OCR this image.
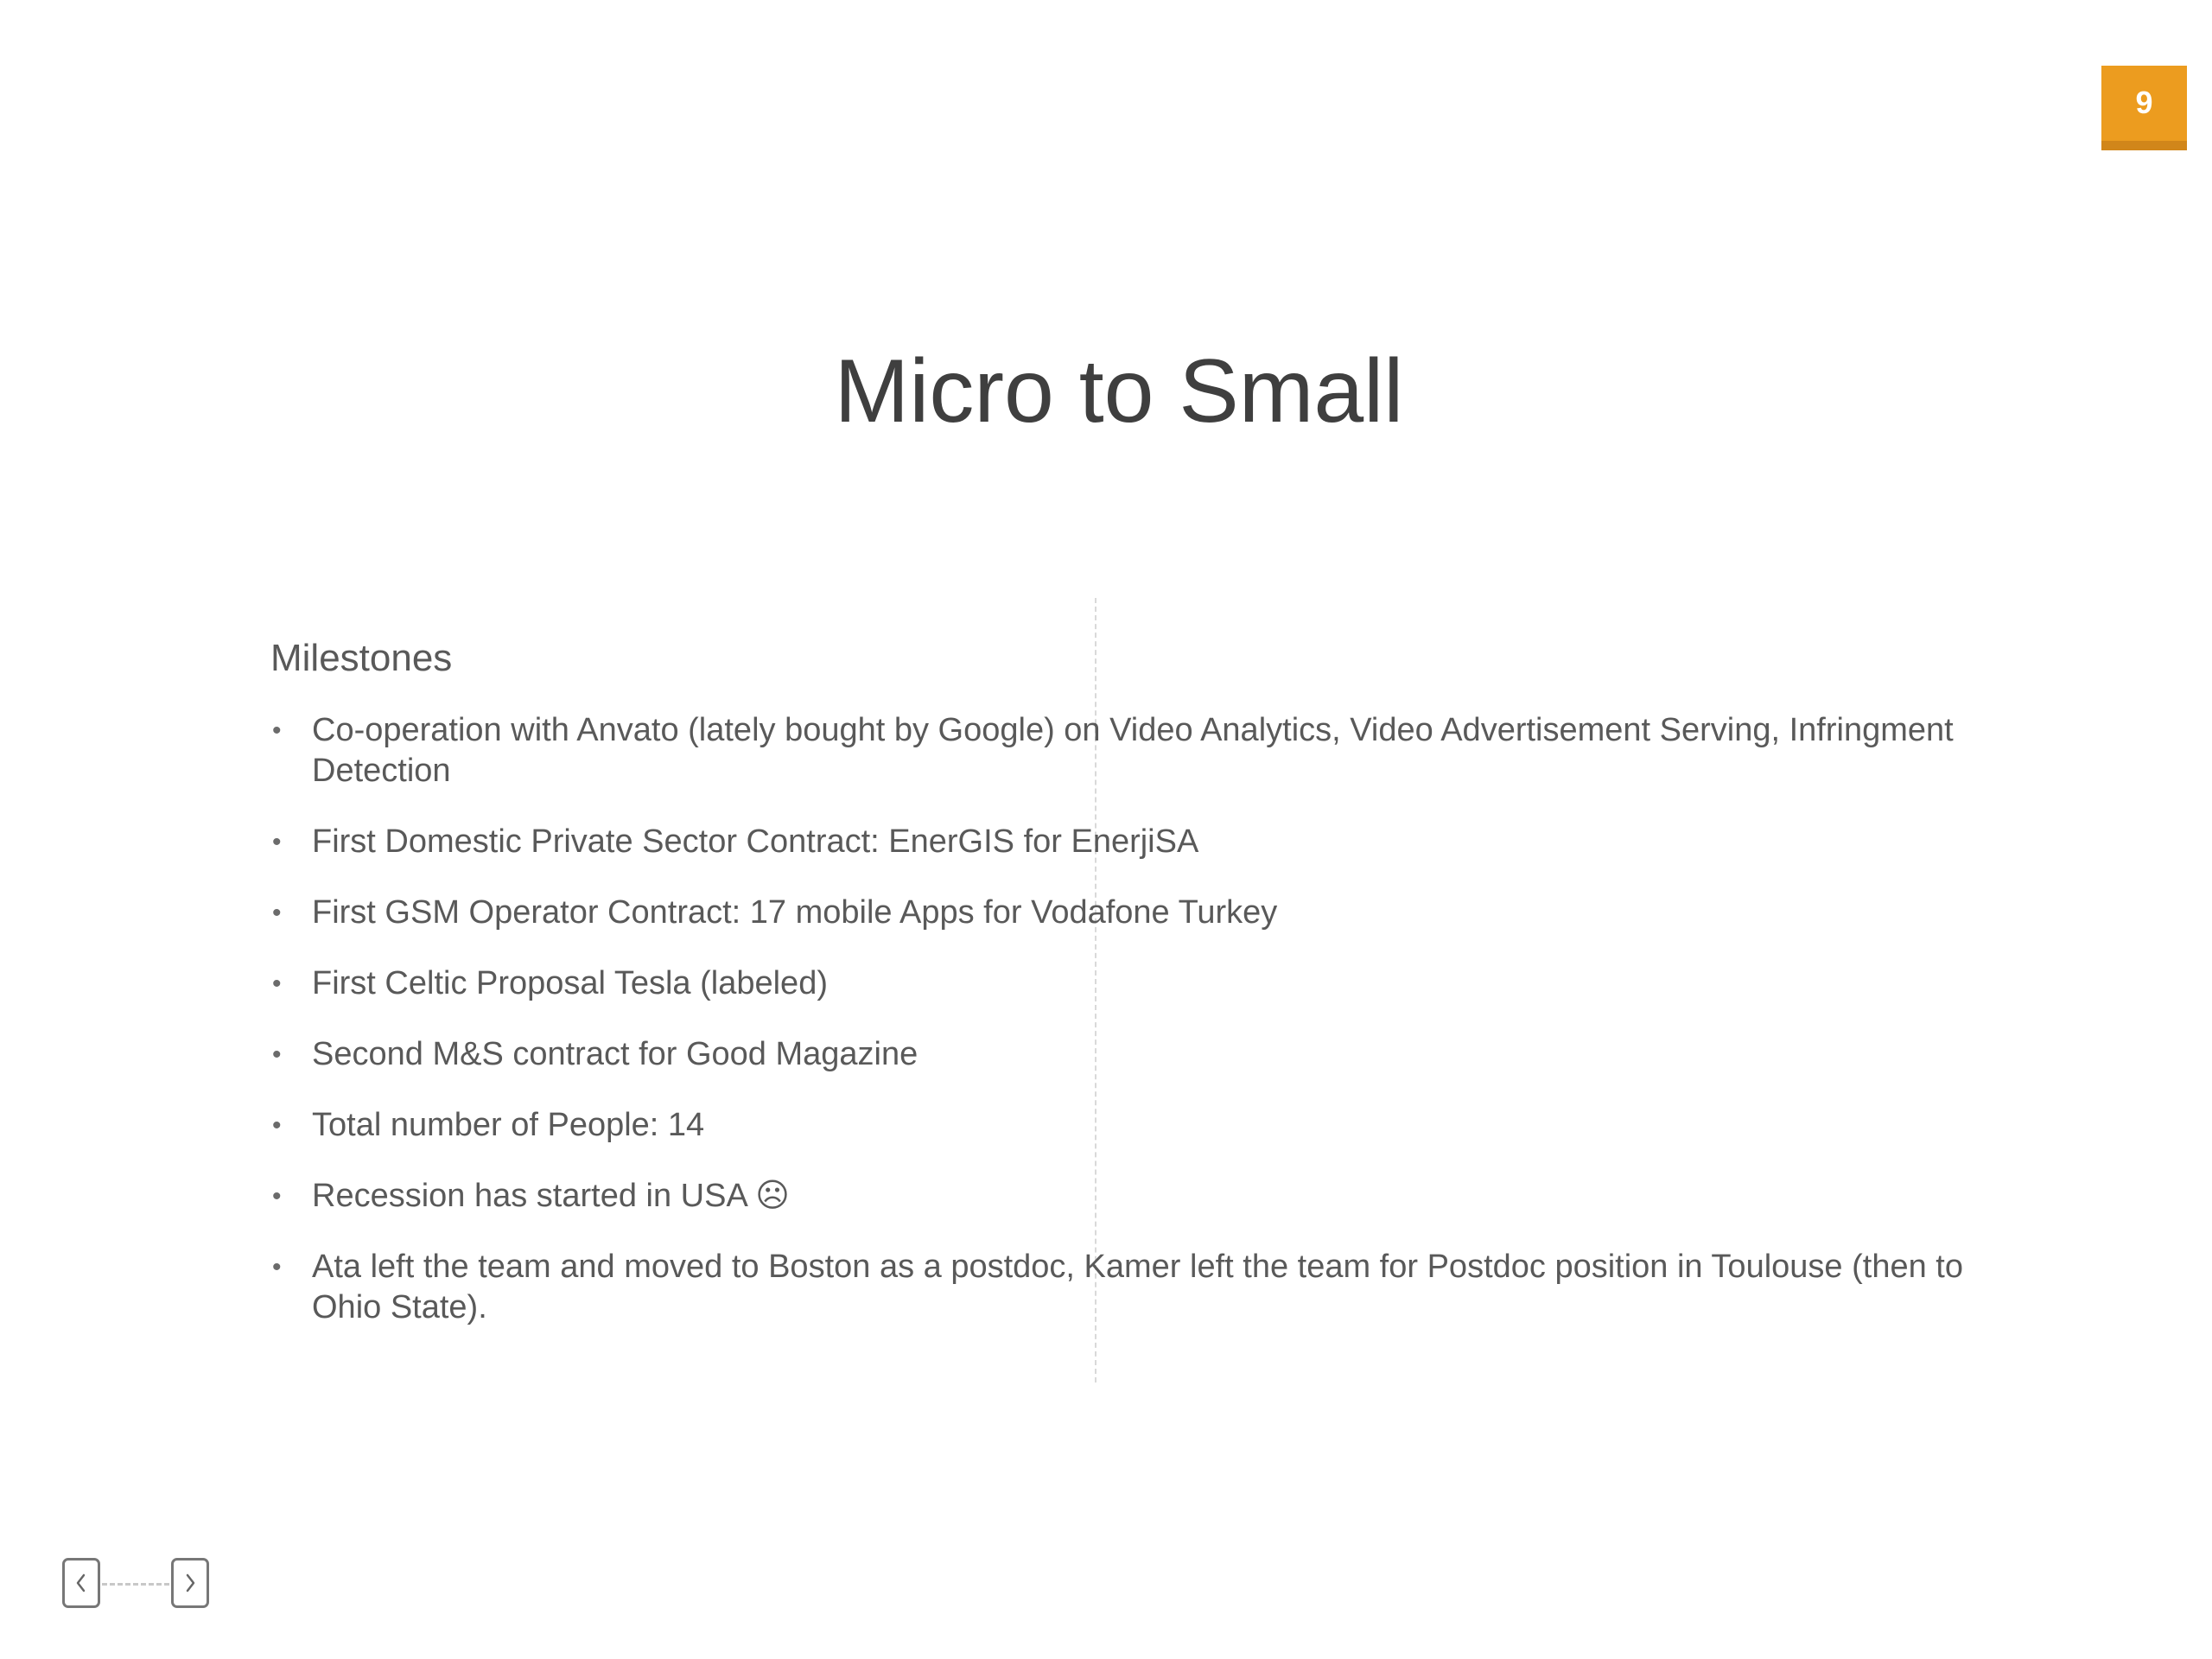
9
Micro to Small
Milestones
• Co-operation with Anvato (lately bought by Google) on Video Analytics, Video Advertisement Serving, Infringment Detection
• First Domestic Private Sector Contract: EnerGIS for EnerjiSA
• First GSM Operator Contract: 17 mobile Apps for Vodafone Turkey
• First Celtic Proposal Tesla (labeled)
• Second M&S contract for Good Magazine
• Total number of People: 14
• Recession has started in USA ☹
• Ata left the team and moved to Boston as a postdoc, Kamer left the team for Postdoc position in Toulouse (then to Ohio State).
